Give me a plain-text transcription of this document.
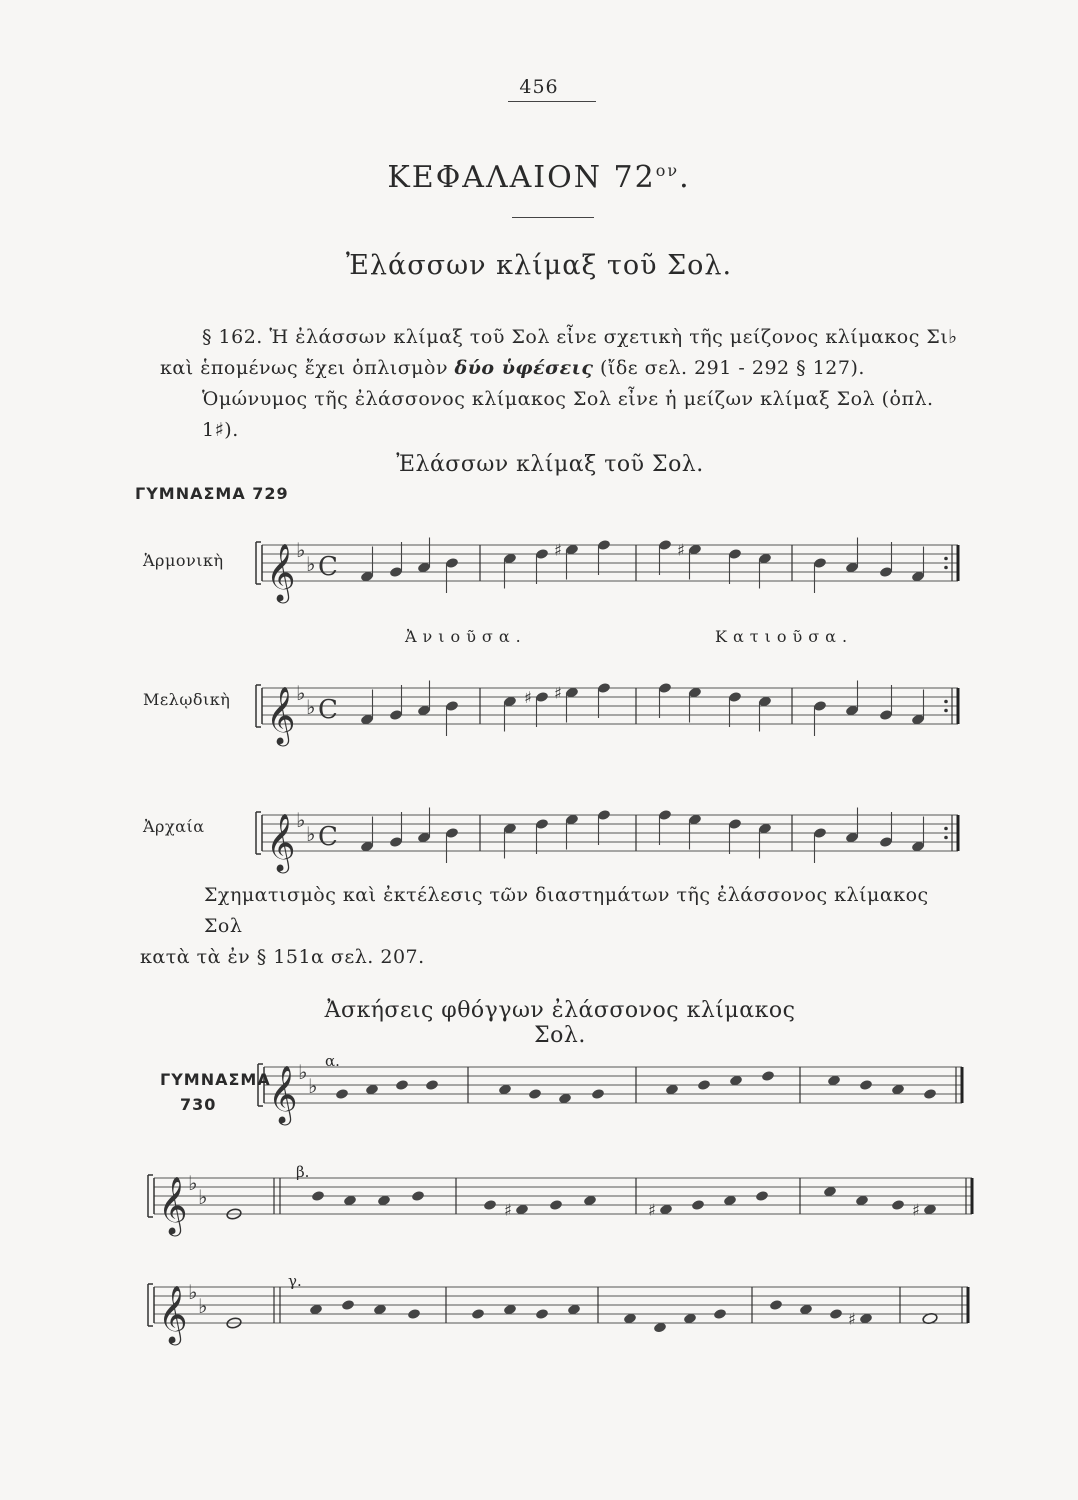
456
ΚΕΦΑΛΑΙΟΝ $72^{o\nu}$.
Ἐλάσσων κλίμαξ τοῦ Σολ.
§ 162. Ἡ ἐλάσσων κλίμαξ τοῦ Σολ εἶνε σχετικὴ τῆς μείζονος κλίμακος Σι♭
καὶ ἑπομένως ἔχει ὁπλισμὸν δύο ὑφέσεις (ἴδε σελ. 291 - 292 § 127).
Ὁμώνυμος τῆς ἐλάσσονος κλίμακος Σολ εἶνε ἡ μείζων κλίμαξ Σολ (ὁπλ. 1♯).
Ἐλάσσων κλίμαξ τοῦ Σολ.
ΓΥΜΝΑΣΜΑ 729
Ἁρμονικὴ
Ἀνιοῦσα.	Κατιοῦσα.
Μελῳδικὴ
Ἀρχαία
𝄞 ♭
♭ C
♯	♯
𝄞 ♭
♭ C	♯ ♯
𝄞 ♭
♭ C
𝄞 ♭
♭
𝄞 ♭
♭
♯	♯	♯
𝄞 ♭
♭
♯
Σχηματισμὸς καὶ ἐκτέλεσις τῶν διαστημάτων τῆς ἐλάσσονος κλίμακος Σολ
κατὰ τὰ ἐν § 151α σελ. 207.
Ἀσκήσεις φθόγγων ἐλάσσονος κλίμακος Σολ.
ΓΥΜΝΑΣΜΑ
730
α.
β.
γ.
